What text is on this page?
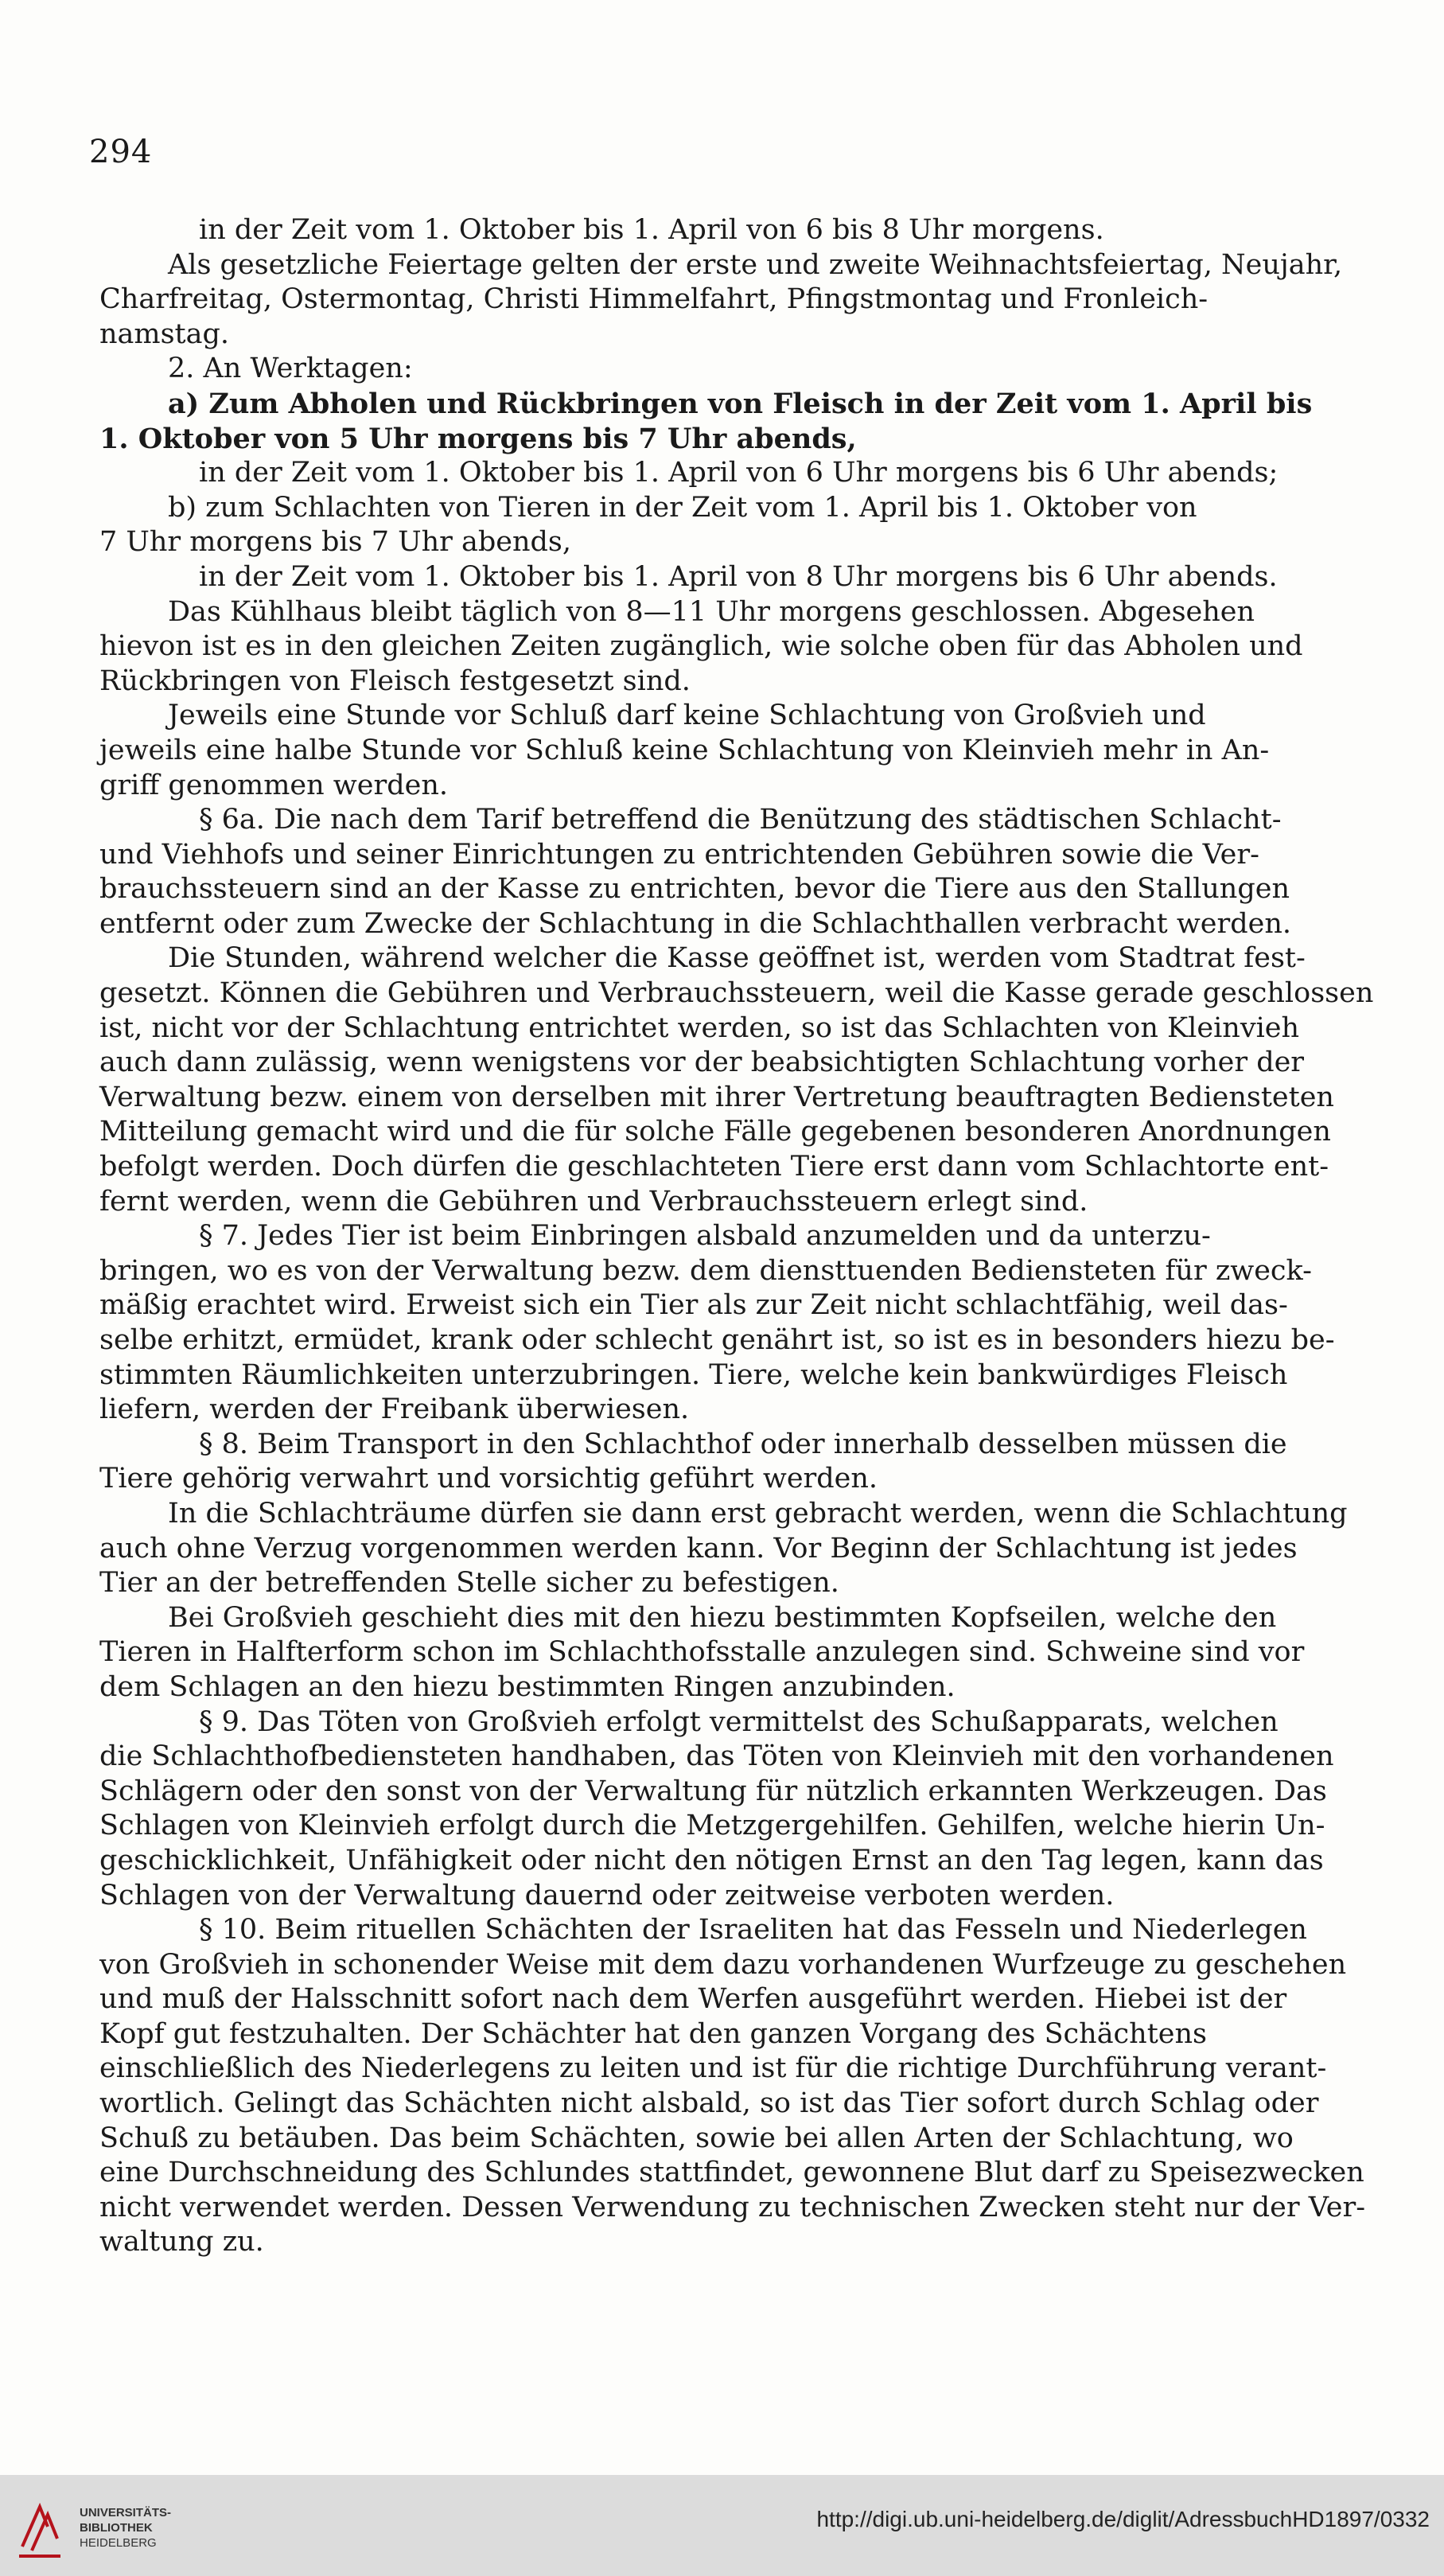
294
in der Zeit vom 1. Oktober bis 1. April von 6 bis 8 Uhr morgens.
Als gesetzliche Feiertage gelten der erste und zweite Weihnachtsfeiertag, Neujahr,
Charfreitag, Ostermontag, Christi Himmelfahrt, Pfingstmontag und Fronleich-
namstag.
2. An Werktagen:
a) Zum Abholen und Rückbringen von Fleisch in der Zeit vom 1. April bis
1. Oktober von 5 Uhr morgens bis 7 Uhr abends,
in der Zeit vom 1. Oktober bis 1. April von 6 Uhr morgens bis 6 Uhr abends;
b) zum Schlachten von Tieren in der Zeit vom 1. April bis 1. Oktober von
7 Uhr morgens bis 7 Uhr abends,
in der Zeit vom 1. Oktober bis 1. April von 8 Uhr morgens bis 6 Uhr abends.
Das Kühlhaus bleibt täglich von 8—11 Uhr morgens geschlossen. Abgesehen
hievon ist es in den gleichen Zeiten zugänglich, wie solche oben für das Abholen und
Rückbringen von Fleisch festgesetzt sind.
Jeweils eine Stunde vor Schluß darf keine Schlachtung von Großvieh und
jeweils eine halbe Stunde vor Schluß keine Schlachtung von Kleinvieh mehr in An-
griff genommen werden.
§ 6a. Die nach dem Tarif betreffend die Benützung des städtischen Schlacht-
und Viehhofs und seiner Einrichtungen zu entrichtenden Gebühren sowie die Ver-
brauchssteuern sind an der Kasse zu entrichten, bevor die Tiere aus den Stallungen
entfernt oder zum Zwecke der Schlachtung in die Schlachthallen verbracht werden.
Die Stunden, während welcher die Kasse geöffnet ist, werden vom Stadtrat fest-
gesetzt. Können die Gebühren und Verbrauchssteuern, weil die Kasse gerade geschlossen
ist, nicht vor der Schlachtung entrichtet werden, so ist das Schlachten von Kleinvieh
auch dann zulässig, wenn wenigstens vor der beabsichtigten Schlachtung vorher der
Verwaltung bezw. einem von derselben mit ihrer Vertretung beauftragten Bediensteten
Mitteilung gemacht wird und die für solche Fälle gegebenen besonderen Anordnungen
befolgt werden. Doch dürfen die geschlachteten Tiere erst dann vom Schlachtorte ent-
fernt werden, wenn die Gebühren und Verbrauchssteuern erlegt sind.
§ 7. Jedes Tier ist beim Einbringen alsbald anzumelden und da unterzu-
bringen, wo es von der Verwaltung bezw. dem diensttuenden Bediensteten für zweck-
mäßig erachtet wird. Erweist sich ein Tier als zur Zeit nicht schlachtfähig, weil das-
selbe erhitzt, ermüdet, krank oder schlecht genährt ist, so ist es in besonders hiezu be-
stimmten Räumlichkeiten unterzubringen. Tiere, welche kein bankwürdiges Fleisch
liefern, werden der Freibank überwiesen.
§ 8. Beim Transport in den Schlachthof oder innerhalb desselben müssen die
Tiere gehörig verwahrt und vorsichtig geführt werden.
In die Schlachträume dürfen sie dann erst gebracht werden, wenn die Schlachtung
auch ohne Verzug vorgenommen werden kann. Vor Beginn der Schlachtung ist jedes
Tier an der betreffenden Stelle sicher zu befestigen.
Bei Großvieh geschieht dies mit den hiezu bestimmten Kopfseilen, welche den
Tieren in Halfterform schon im Schlachthofsstalle anzulegen sind. Schweine sind vor
dem Schlagen an den hiezu bestimmten Ringen anzubinden.
§ 9. Das Töten von Großvieh erfolgt vermittelst des Schußapparats, welchen
die Schlachthofbediensteten handhaben, das Töten von Kleinvieh mit den vorhandenen
Schlägern oder den sonst von der Verwaltung für nützlich erkannten Werkzeugen. Das
Schlagen von Kleinvieh erfolgt durch die Metzgergehilfen. Gehilfen, welche hierin Un-
geschicklichkeit, Unfähigkeit oder nicht den nötigen Ernst an den Tag legen, kann das
Schlagen von der Verwaltung dauernd oder zeitweise verboten werden.
§ 10. Beim rituellen Schächten der Israeliten hat das Fesseln und Niederlegen
von Großvieh in schonender Weise mit dem dazu vorhandenen Wurfzeuge zu geschehen
und muß der Halsschnitt sofort nach dem Werfen ausgeführt werden. Hiebei ist der
Kopf gut festzuhalten. Der Schächter hat den ganzen Vorgang des Schächtens
einschließlich des Niederlegens zu leiten und ist für die richtige Durchführung verant-
wortlich. Gelingt das Schächten nicht alsbald, so ist das Tier sofort durch Schlag oder
Schuß zu betäuben. Das beim Schächten, sowie bei allen Arten der Schlachtung, wo
eine Durchschneidung des Schlundes stattfindet, gewonnene Blut darf zu Speisezwecken
nicht verwendet werden. Dessen Verwendung zu technischen Zwecken steht nur der Ver-
waltung zu.
UNIVERSITÄTS-
BIBLIOTHEK
HEIDELBERG
http://digi.ub.uni-heidelberg.de/diglit/AdressbuchHD1897/0332
